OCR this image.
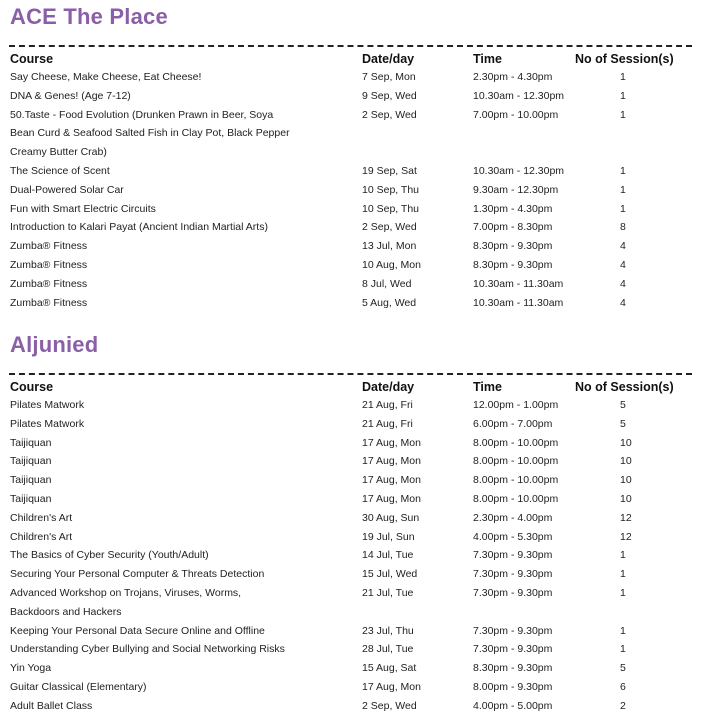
ACE The Place
Course	Date/day	Time	No of Session(s)
Say Cheese, Make Cheese, Eat Cheese!	7 Sep, Mon	2.30pm - 4.30pm	1
DNA & Genes! (Age 7-12)	9 Sep, Wed	10.30am - 12.30pm	1
50.Taste - Food Evolution (Drunken Prawn in Beer, Soya	2 Sep, Wed	7.00pm - 10.00pm	1
Bean Curd & Seafood Salted Fish in Clay Pot, Black Pepper
Creamy Butter Crab)
The Science of Scent	19 Sep, Sat	10.30am - 12.30pm	1
Dual-Powered Solar Car	10 Sep, Thu	9.30am - 12.30pm	1
Fun with Smart Electric Circuits	10 Sep, Thu	1.30pm - 4.30pm	1
Introduction to Kalari Payat (Ancient Indian Martial Arts)	2 Sep, Wed	7.00pm - 8.30pm	8
Zumba® Fitness	13 Jul, Mon	8.30pm - 9.30pm	4
Zumba® Fitness	10 Aug, Mon	8.30pm - 9.30pm	4
Zumba® Fitness	8 Jul, Wed	10.30am - 11.30am	4
Zumba® Fitness	5 Aug, Wed	10.30am - 11.30am	4
Aljunied
Course	Date/day	Time	No of Session(s)
Pilates Matwork	21 Aug, Fri	12.00pm - 1.00pm	5
Pilates Matwork	21 Aug, Fri	6.00pm - 7.00pm	5
Taijiquan	17 Aug, Mon	8.00pm - 10.00pm	10
Taijiquan	17 Aug, Mon	8.00pm - 10.00pm	10
Taijiquan	17 Aug, Mon	8.00pm - 10.00pm	10
Taijiquan	17 Aug, Mon	8.00pm - 10.00pm	10
Children's Art	30 Aug, Sun	2.30pm - 4.00pm	12
Children's Art	19 Jul, Sun	4.00pm - 5.30pm	12
The Basics of Cyber Security (Youth/Adult)	14 Jul, Tue	7.30pm - 9.30pm	1
Securing Your Personal Computer & Threats Detection	15 Jul, Wed	7.30pm - 9.30pm	1
Advanced Workshop on Trojans, Viruses, Worms,	21 Jul, Tue	7.30pm - 9.30pm	1
Backdoors and Hackers
Keeping Your Personal Data Secure Online and Offline	23 Jul, Thu	7.30pm - 9.30pm	1
Understanding Cyber Bullying and Social Networking Risks	28 Jul, Tue	7.30pm - 9.30pm	1
Yin Yoga	15 Aug, Sat	8.30pm - 9.30pm	5
Guitar Classical (Elementary)	17 Aug, Mon	8.00pm - 9.30pm	6
Adult Ballet Class	2 Sep, Wed	4.00pm - 5.00pm	2
